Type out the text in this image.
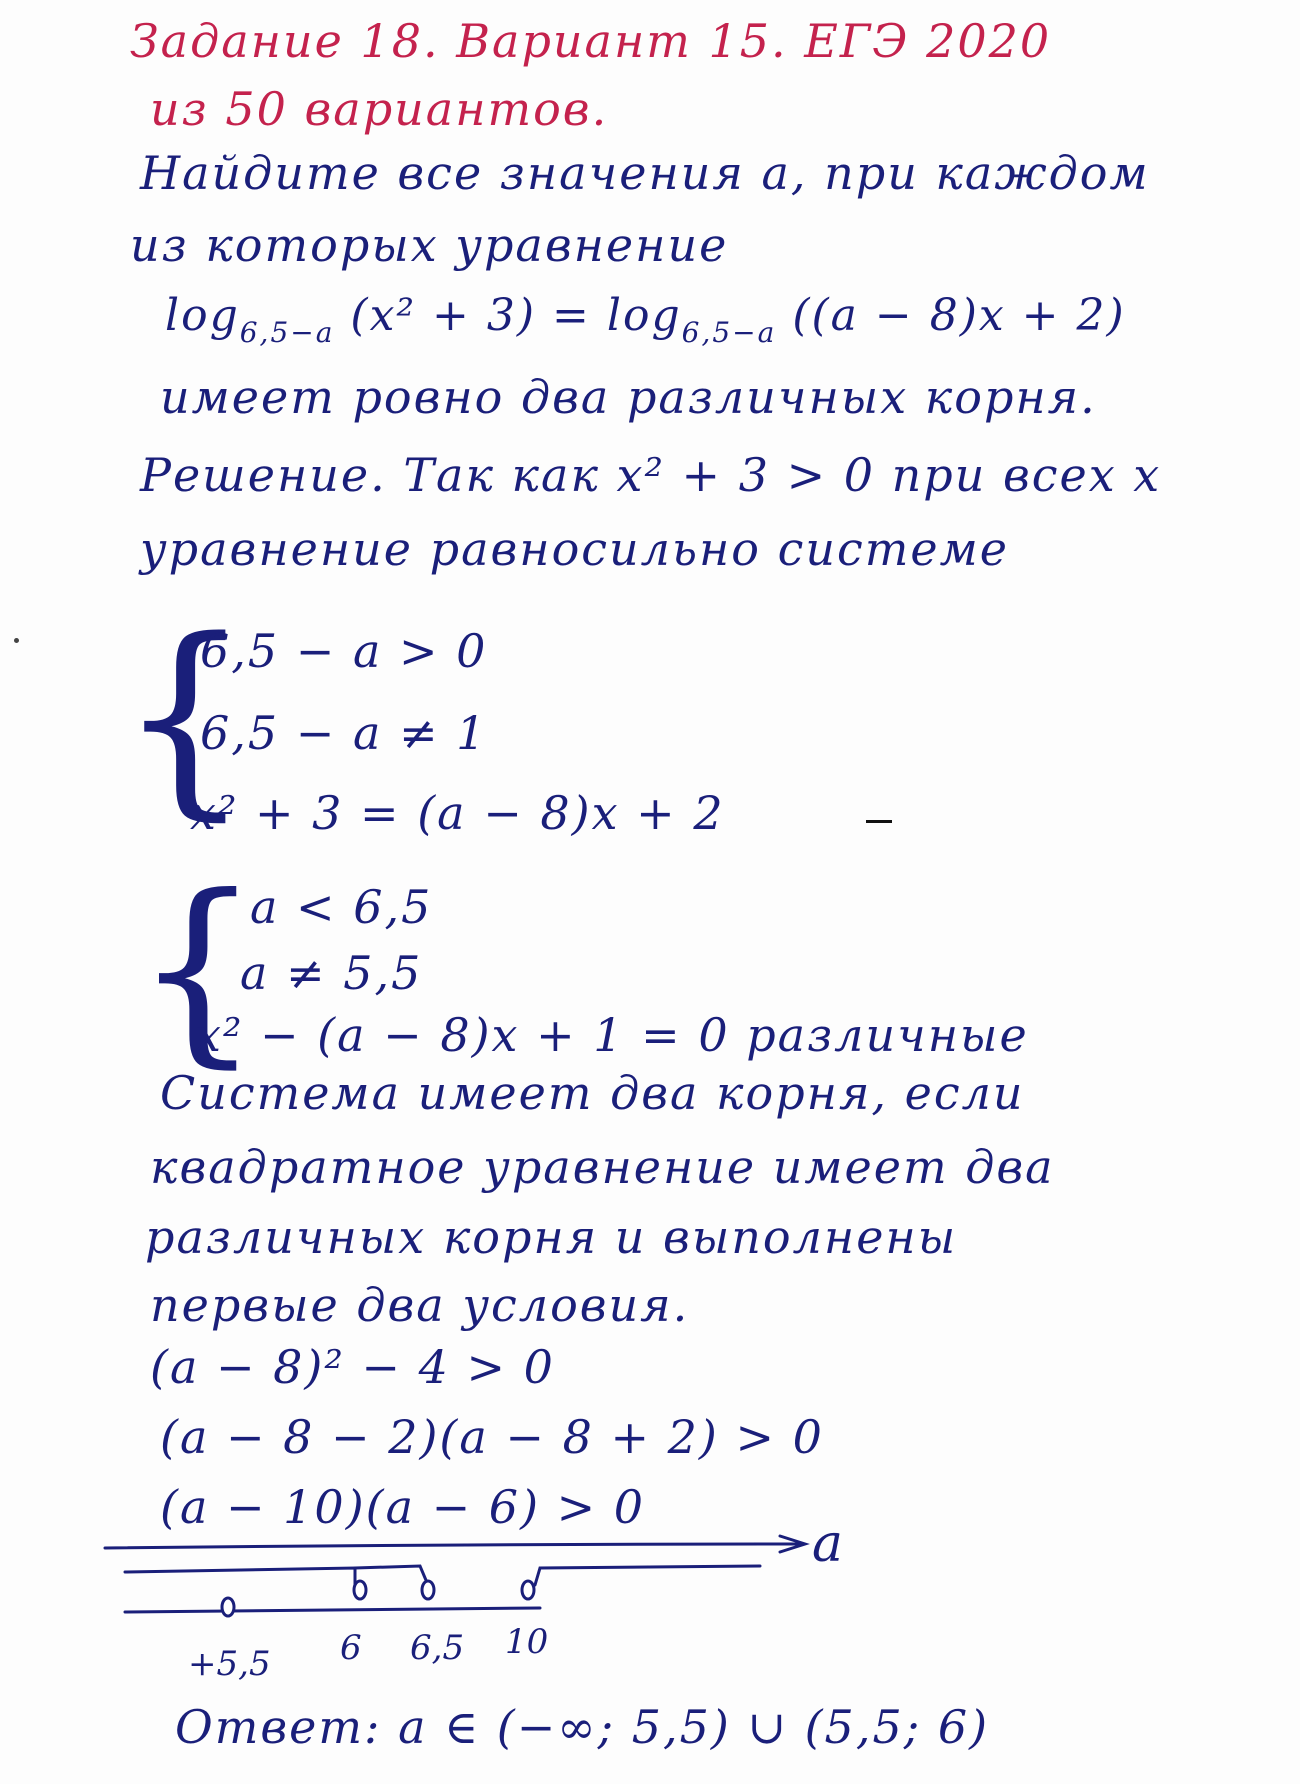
Задание 18. Вариант 15. ЕГЭ 2020
из 50 вариантов.
Найдите все значения a, при каждом
из которых уравнение
$\log_{6,5-a} (x^2 + 3) = \log_{6,5-a} ((a - 8)x + 2)$
имеет ровно два различных корня.
Решение. Так как x² + 3 > 0 при всех x
уравнение равносильно системе
{
6,5 − a > 0
6,5 − a ≠ 1
x² + 3 = (a − 8)x + 2
{
a < 6,5
a ≠ 5,5
x² − (a − 8)x + 1 = 0 различные
Система имеет два корня, если
квадратное уравнение имеет два
различных корня и выполнены
первые два условия.
(a − 8)² − 4 > 0
(a − 8 − 2)(a − 8 + 2) > 0
(a − 10)(a − 6) > 0
a
+5,5 6 6,5 10
Ответ: a ∈ (−∞; 5,5) ∪ (5,5; 6)
